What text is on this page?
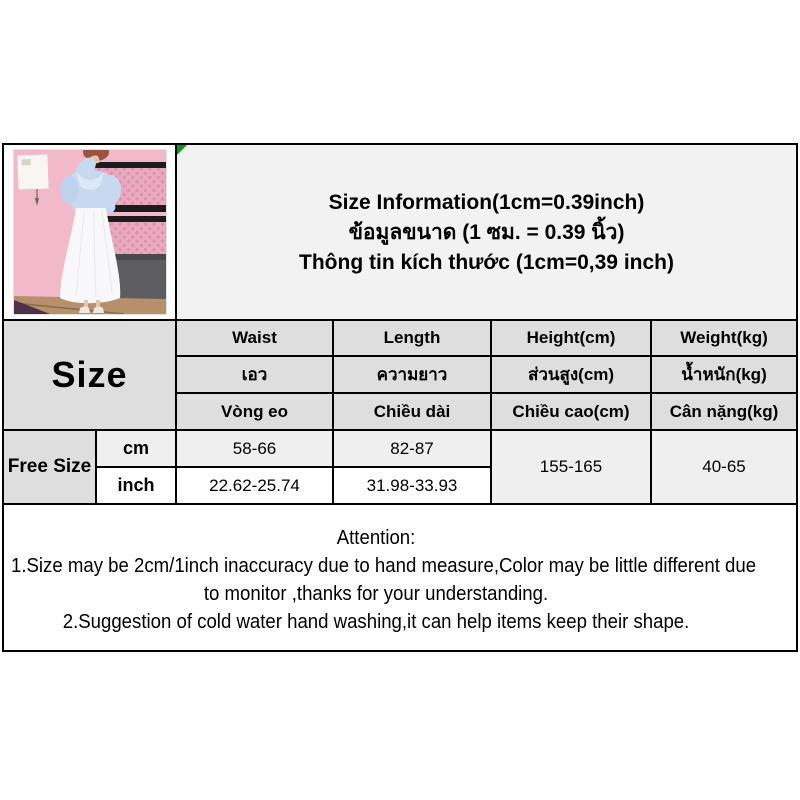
Size Information(1cm=0.39inch)
ข้อมูลขนาด (1 ซม. = 0.39 นิ้ว)
Thông tin kích thước (1cm=0,39 inch)			

Size		Waist	Length	Height(cm)	Weight(kg)
		เอว	ความยาว	ส่วนสูง(cm)	น้ำหนัก(kg)
		Vòng eo	Chiều dài	Chiều cao(cm)	Cân nặng(kg)
Free Size	cm	58-66	82-87	155-165	40-65
	inch	22.62-25.74	31.98-33.93		

Attention:
1.Size may be 2cm/1inch inaccuracy due to hand measure,Color may be little different due
to monitor ,thanks for your understanding.
2.Suggestion of cold water hand washing,it can help items keep their shape.					
